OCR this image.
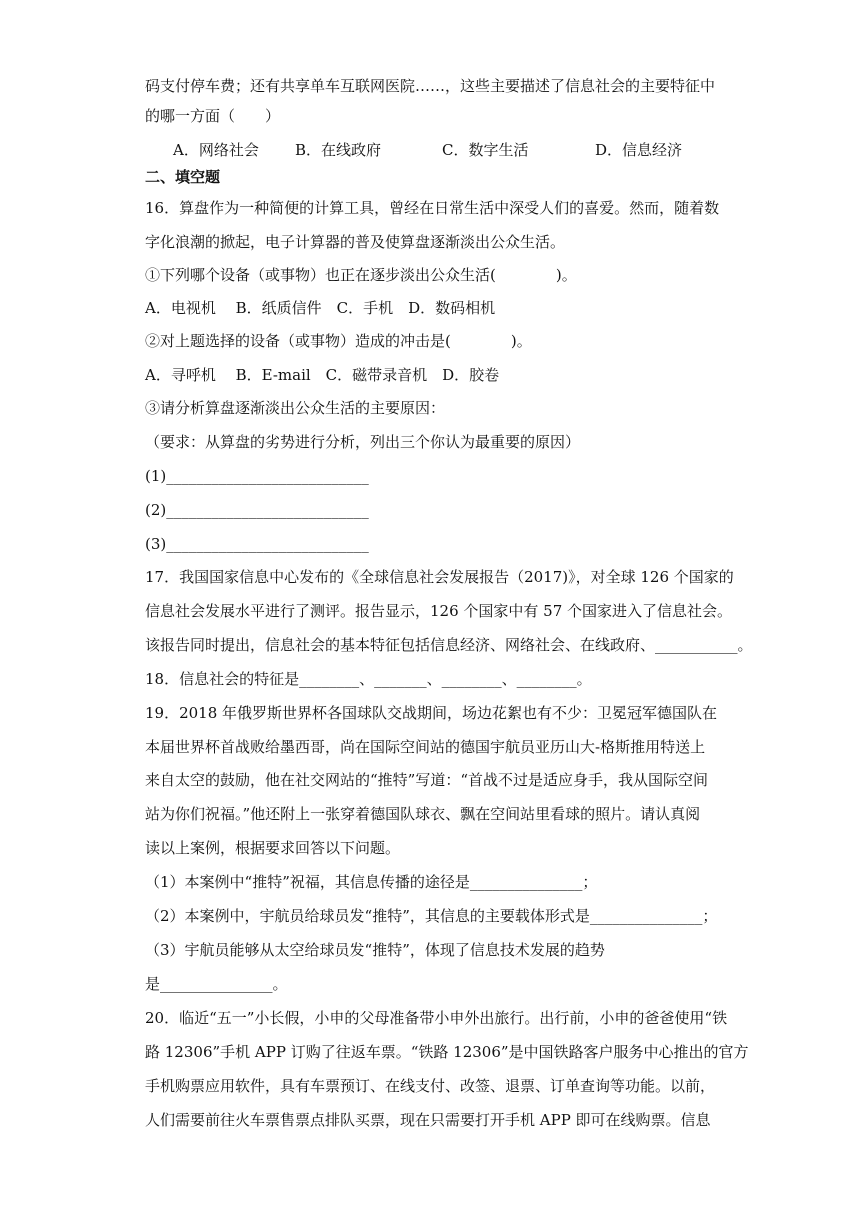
码支付停车费；还有共享单车互联网医院……，这些主要描述了信息社会的主要特征中
的哪一方面（　　）
A．网络社会 B．在线政府	C．数字生活	D．信息经济
二、填空题
16．算盘作为一种简便的计算工具，曾经在日常生活中深受人们的喜爱。然而，随着数
字化浪潮的掀起，电子计算器的普及使算盘逐渐淡出公众生活。
①下列哪个设备（或事物）也正在逐步淡出公众生活(　　　　)。
A．电视机　 B．纸质信件　C．手机　D．数码相机
②对上题选择的设备（或事物）造成的冲击是(　　　　)。
A．寻呼机　 B．E-mail　C．磁带录音机　D．胶卷
③请分析算盘逐渐淡出公众生活的主要原因：
（要求：从算盘的劣势进行分析，列出三个你认为最重要的原因）
(1)___________________________
(2)___________________________
(3)___________________________
17．我国国家信息中心发布的《全球信息社会发展报告（2017)》，对全球 126 个国家的
信息社会发展水平进行了测评。报告显示，126 个国家中有 57 个国家进入了信息社会。
该报告同时提出，信息社会的基本特征包括信息经济、网络社会、在线政府、___________。
18．信息社会的特征是________、_______、________、________。
19．2018 年俄罗斯世界杯各国球队交战期间，场边花絮也有不少：卫冕冠军德国队在
本届世界杯首战败给墨西哥，尚在国际空间站的德国宇航员亚历山大-格斯推用特送上
来自太空的鼓励，他在社交网站的“推特”写道：“首战不过是适应身手，我从国际空间
站为你们祝福。”他还附上一张穿着德国队球衣、飘在空间站里看球的照片。请认真阅
读以上案例，根据要求回答以下问题。
（1）本案例中“推特”祝福，其信息传播的途径是_______________；
（2）本案例中，宇航员给球员发“推特”，其信息的主要载体形式是_______________；
（3）宇航员能够从太空给球员发“推特”，体现了信息技术发展的趋势
是_______________。
20．临近“五一”小长假，小申的父母准备带小申外出旅行。出行前，小申的爸爸使用“铁
路 12306”手机 APP 订购了往返车票。“铁路 12306”是中国铁路客户服务中心推出的官方
手机购票应用软件，具有车票预订、在线支付、改签、退票、订单查询等功能。以前，
人们需要前往火车票售票点排队买票，现在只需要打开手机 APP 即可在线购票。信息
